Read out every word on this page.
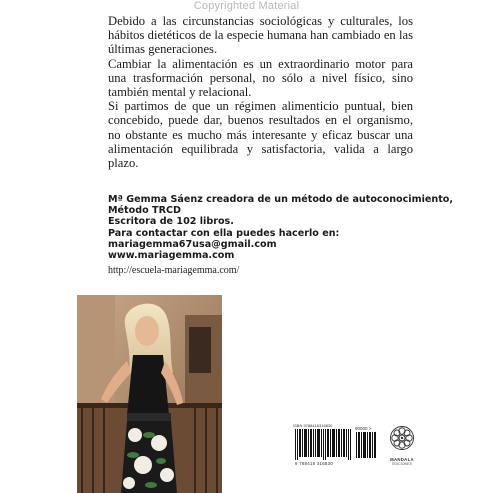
Copyrighted Material

Debido a las circunstancias sociológicas y culturales, los hábitos dietéticos de la especie humana han cambiado en las últimas generaciones.

Cambiar la alimentación es un extraordinario motor para una trasformación personal, no sólo a nivel físico, sino también mental y relacional.

Si partimos de que un régimen alimenticio puntual, bien concebido, puede dar, buenos resultados en el organismo, no obstante es mucho más interesante y eficaz buscar una alimentación equilibrada y satisfactoria, valida a largo plazo.

Mª Gemma Sáenz creadora de un método de autoconocimiento,
Método TRCD
Escritora de 102 libros.
Para contactar con ella puedes hacerlo en:
mariagemma67usa@gmail.com
www.mariagemma.com
http://escuela-mariagemma.com/
ISBN 9788416316830
90000 >
9 788416 316830
MANDALA
EDICIONES
